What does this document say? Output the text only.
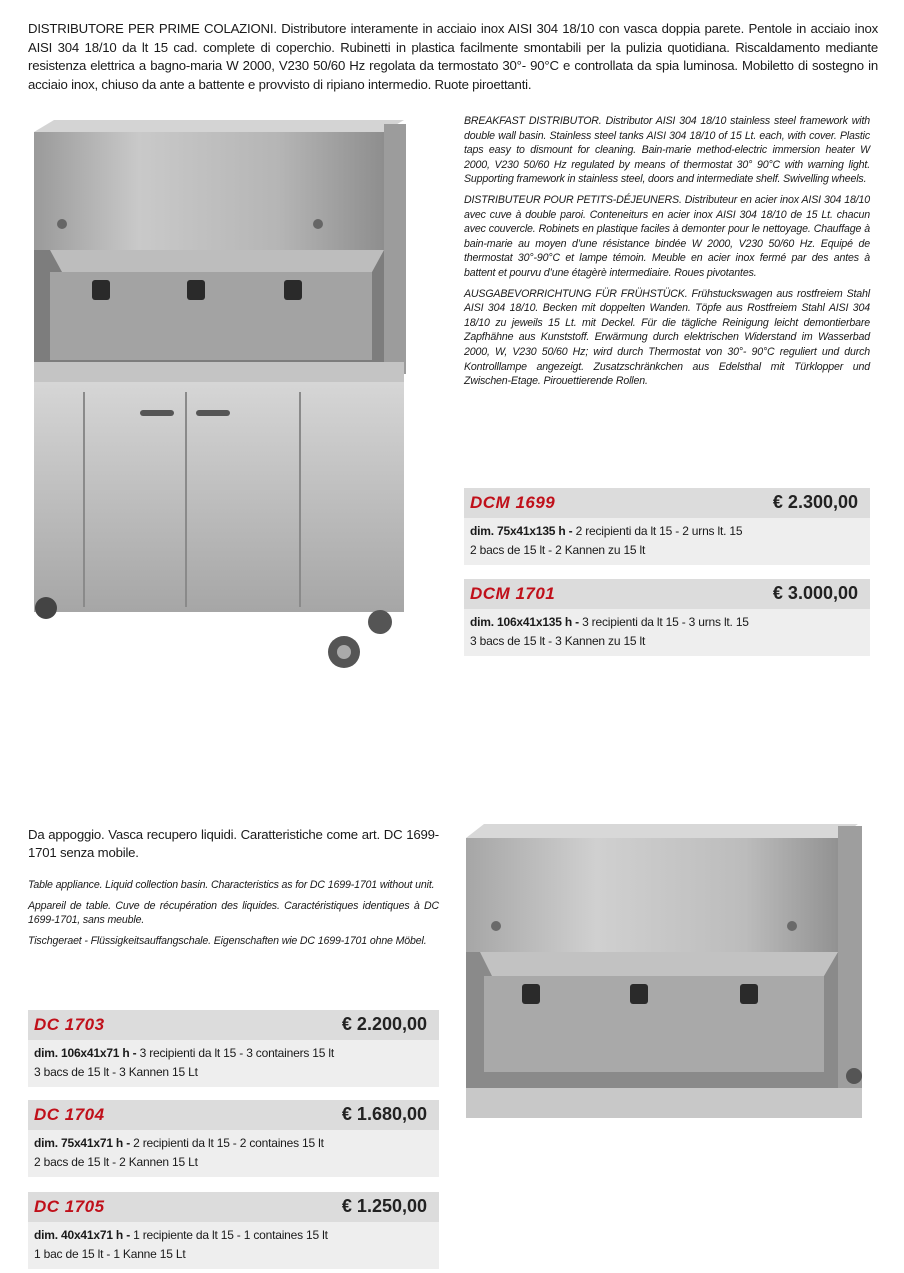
DISTRIBUTORE PER PRIME COLAZIONI. Distributore interamente in acciaio inox AISI 304 18/10 con vasca doppia parete. Pentole in acciaio inox AISI 304 18/10 da lt 15 cad. complete di coperchio. Rubinetti in plastica facilmente smontabili per la pulizia quotidiana. Riscaldamento mediante resistenza elettrica a bagno-maria W 2000, V230 50/60 Hz regolata da termostato 30°- 90°C e controllata da spia luminosa. Mobiletto di sostegno in acciaio inox, chiuso da ante a battente e provvisto di ripiano intermedio. Ruote piroettanti.

BREAKFAST DISTRIBUTOR. Distributor AISI 304 18/10 stainless steel framework with double wall basin. Stainless steel tanks AISI 304 18/10 of 15 Lt. each, with cover. Plastic taps easy to dismount for cleaning. Bain-marie method-electric immersion heater W 2000, V230 50/60 Hz regulated by means of thermostat 30° 90°C with warning light. Supporting framework in stainless steel, doors and intermediate shelf. Swivelling wheels.

DISTRIBUTEUR POUR PETITS-DÉJEUNERS. Distributeur en acier inox AISI 304 18/10 avec cuve à double paroi. Conteneiturs en acier inox AISI 304 18/10 de 15 Lt. chacun avec couvercle. Robinets en plastique faciles à demonter pour le nettoyage. Chauffage à bain-marie au moyen d’une résistance bindée W 2000, V230 50/60 Hz. Equipé de thermostat 30°-90°C et lampe témoin. Meuble en acier inox fermé par des antes à battent et pourvu d’une étagèrè intermediaire. Roues pivotantes.

AUSGABEVORRICHTUNG FÜR FRÜHSTÜCK. Frühstuckswagen aus rostfreiem Stahl AISI 304 18/10. Becken mit doppelten Wanden. Töpfe aus Rostfreiem Stahl AISI 304 18/10 zu jeweils 15 Lt. mit Deckel. Für die tägliche Reinigung leicht demontierbare Zapfhähne aus Kunststoff. Erwärmung durch elektrischen Widerstand im Wasserbad 2000, W, V230 50/60 Hz; wird durch Thermostat von 30°- 90°C reguliert und durch Kontrolllampe angezeigt. Zusatzschränkchen aus Edelsthal mit Türklopper und Zwischen-Etage. Pirouettierende Rollen.

DCM 1699	€ 2.300,00
dim. 75x41x135 h - 2 recipienti da lt 15 - 2 urns lt. 15
2 bacs de 15 lt - 2 Kannen zu 15 lt
DCM 1701	€ 3.000,00
dim. 106x41x135 h - 3 recipienti da lt 15 - 3 urns lt. 15
3 bacs de 15 lt - 3 Kannen zu 15 lt
Da appoggio. Vasca recupero liquidi. Caratteristiche come art. DC 1699-1701 senza mobile.

Table appliance. Liquid collection basin. Characteristics as for DC 1699-1701 without unit.

Appareil de table. Cuve de récupération des liquides. Caractéristiques identiques à DC 1699-1701, sans meuble.

Tischgeraet - Flüssigkeitsauffangschale. Eigenschaften wie DC 1699-1701 ohne Möbel.

DC 1703	€ 2.200,00
dim. 106x41x71 h - 3 recipienti da lt 15 - 3 containers 15 lt
3 bacs de 15 lt - 3 Kannen 15 Lt
DC 1704	€ 1.680,00
dim. 75x41x71 h - 2 recipienti da lt 15 - 2 containes 15 lt
2 bacs de 15 lt - 2 Kannen 15 Lt
DC 1705	€ 1.250,00
dim. 40x41x71 h - 1 recipiente da lt 15 - 1 containes 15 lt
1 bac de 15 lt - 1 Kanne 15 Lt
